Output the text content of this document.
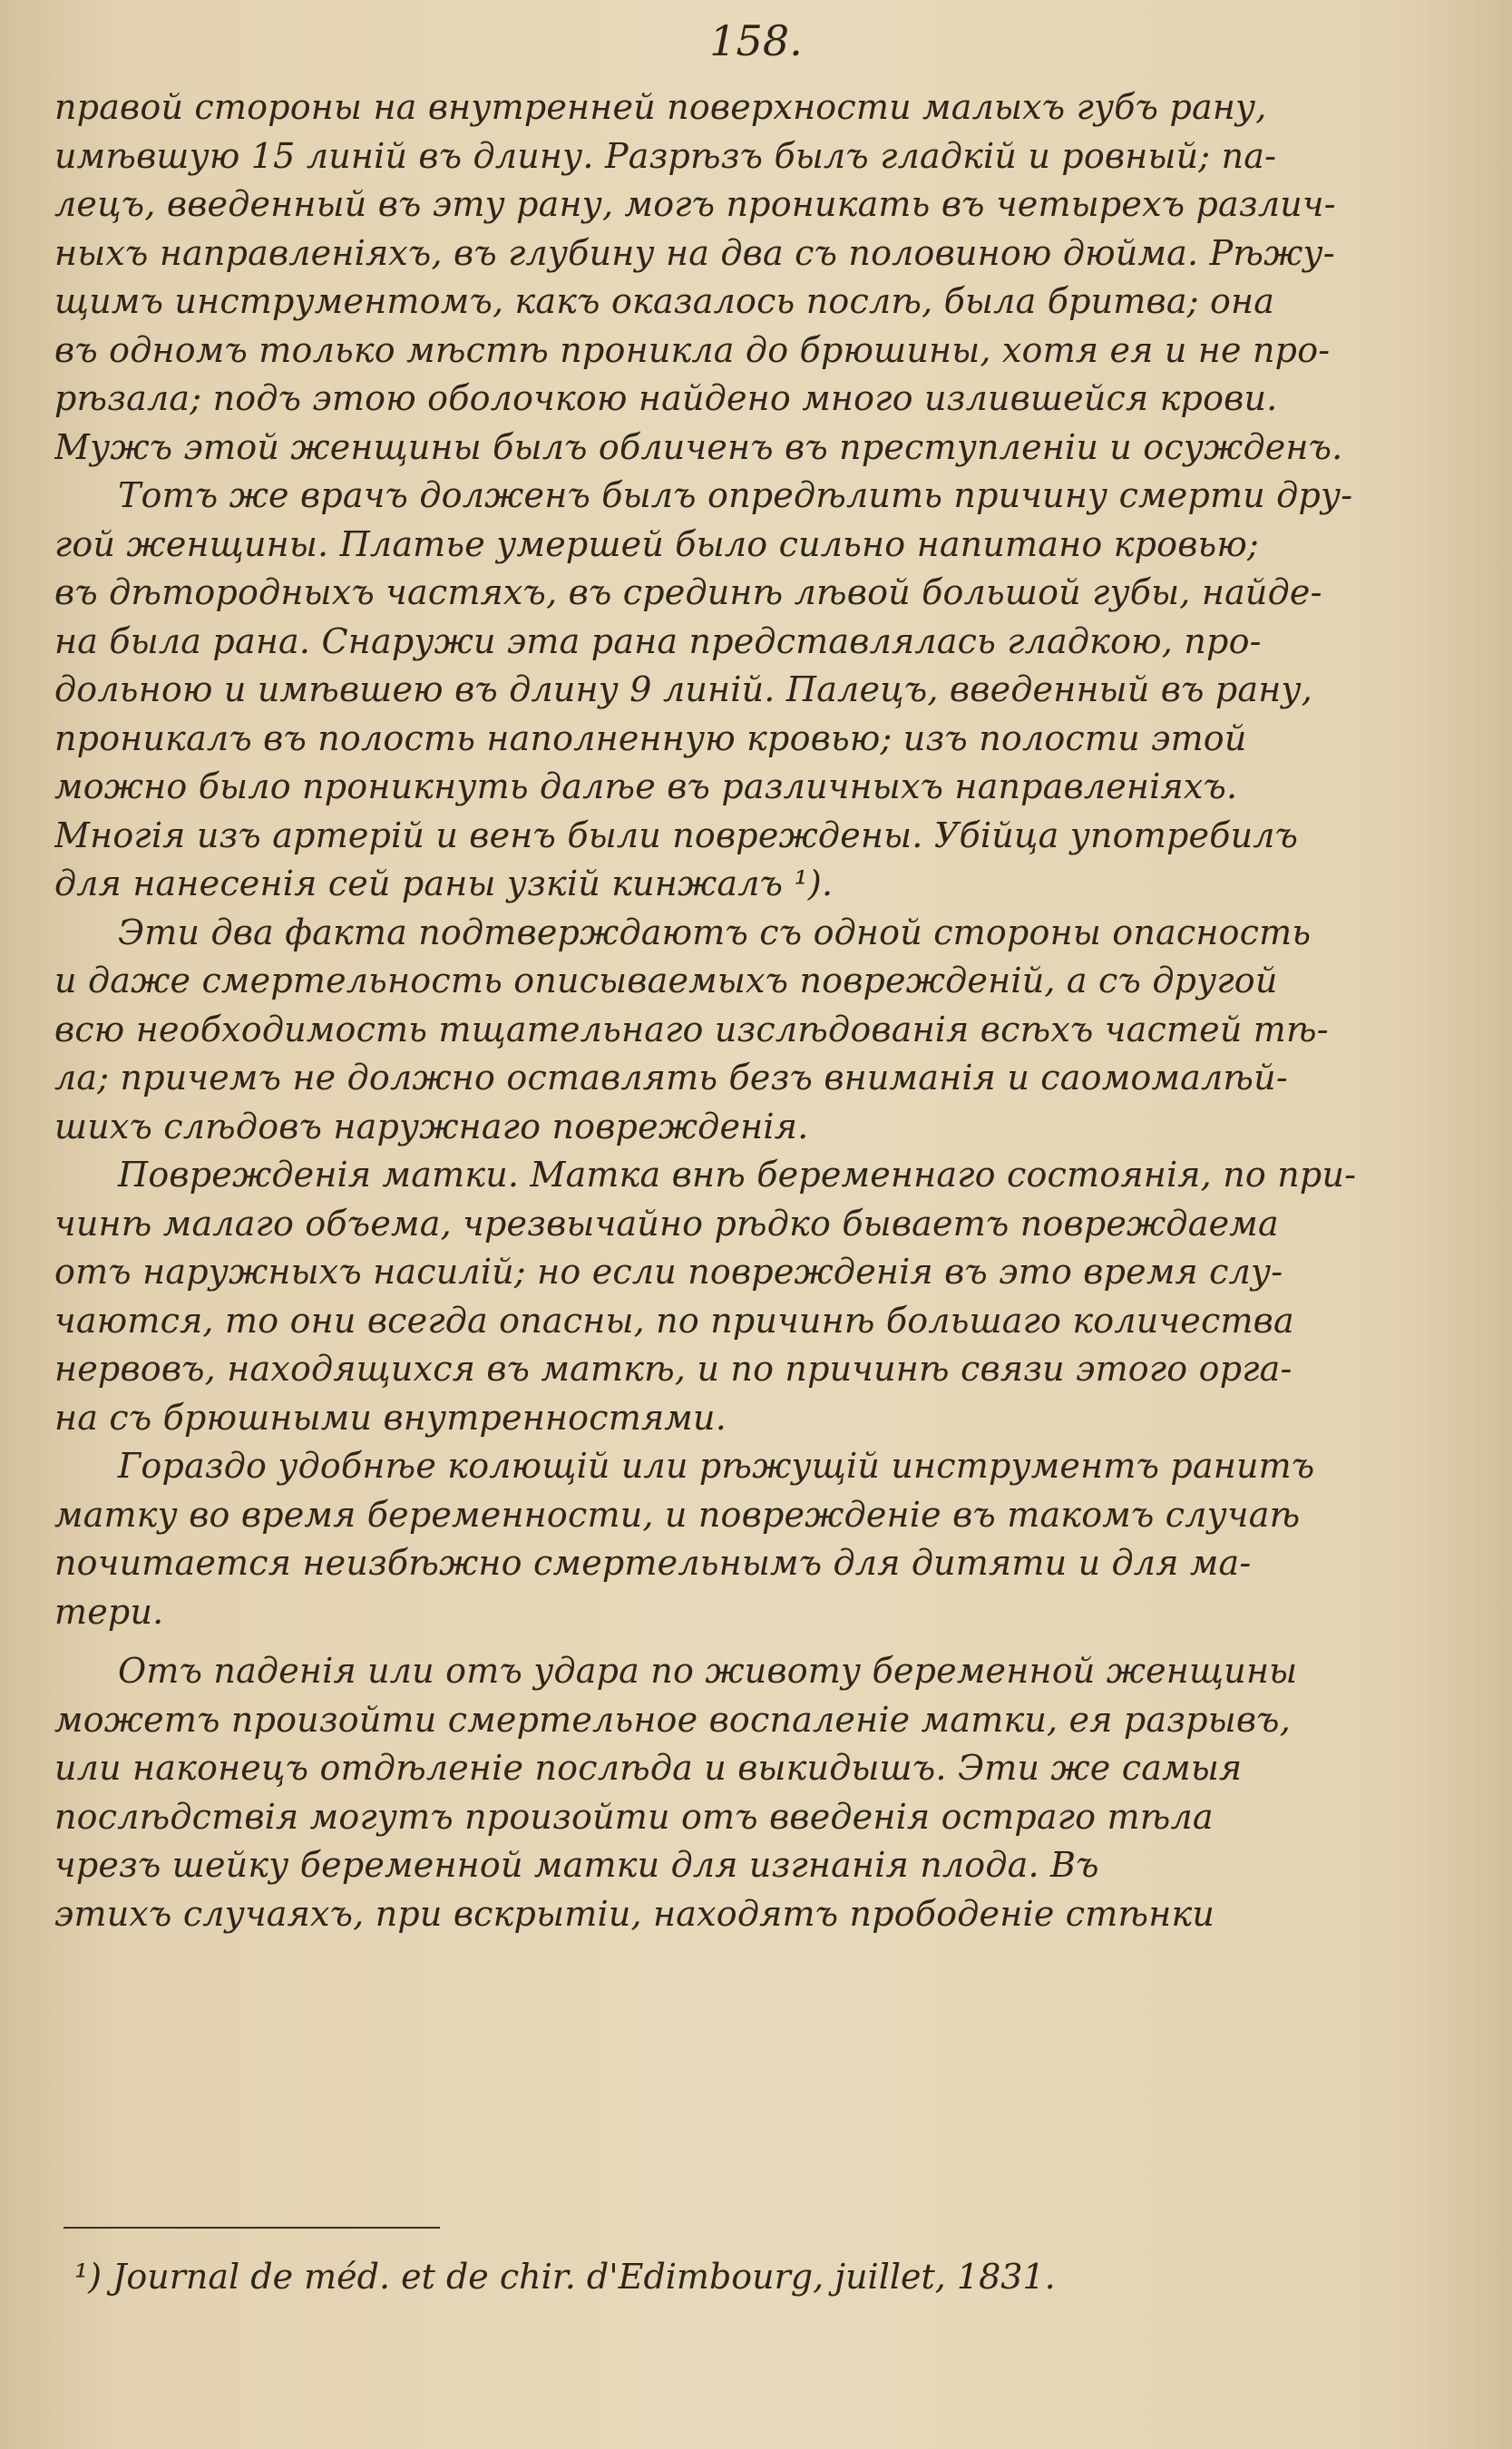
158.
правой стороны на внутренней поверхности малыхъ губъ рану,
имѣвшую 15 линій въ длину. Разрѣзъ былъ гладкій и ровный; па-
лецъ, введенный въ эту рану, могъ проникать въ четырехъ различ-
ныхъ направленіяхъ, въ глубину на два съ половиною дюйма. Рѣжу-
щимъ инструментомъ, какъ оказалось послѣ, была бритва; она
въ одномъ только мѣстѣ проникла до брюшины, хотя ея и не про-
рѣзала; подъ этою оболочкою найдено много излившейся крови.
Мужъ этой женщины былъ обличенъ въ преступленіи и осужденъ.
Тотъ же врачъ долженъ былъ опредѣлить причину смерти дру-
гой женщины. Платье умершей было сильно напитано кровью;
въ дѣтородныхъ частяхъ, въ срединѣ лѣвой большой губы, найде-
на была рана. Снаружи эта рана представлялась гладкою, про-
дольною и имѣвшею въ длину 9 линій. Палецъ, введенный въ рану,
проникалъ въ полость наполненную кровью; изъ полости этой
можно было проникнуть далѣе въ различныхъ направленіяхъ.
Многія изъ артерій и венъ были повреждены. Убійца употребилъ
для нанесенія сей раны узкій кинжалъ ¹).
Эти два факта подтверждаютъ съ одной стороны опасность
и даже смертельность описываемыхъ поврежденій, а съ другой
всю необходимость тщательнаго изслѣдованія всѣхъ частей тѣ-
ла; причемъ не должно оставлять безъ вниманія и саомомалѣй-
шихъ слѣдовъ наружнаго поврежденія.
Поврежденія матки. Матка внѣ беременнаго состоянія, по при-
чинѣ малаго объема, чрезвычайно рѣдко бываетъ повреждаема
отъ наружныхъ насилій; но если поврежденія въ это время слу-
чаются, то они всегда опасны, по причинѣ большаго количества
нервовъ, находящихся въ маткѣ, и по причинѣ связи этого орга-
на съ брюшными внутренностями.
Гораздо удобнѣе колющій или рѣжущій инструментъ ранитъ
матку во время беременности, и поврежденіе въ такомъ случаѣ
почитается неизбѣжно смертельнымъ для дитяти и для ма-
тери.
Отъ паденія или отъ удара по животу беременной женщины
можетъ произойти смертельное воспаленіе матки, ея разрывъ,
или наконецъ отдѣленіе послѣда и выкидышъ. Эти же самыя
послѣдствія могутъ произойти отъ введенія остраго тѣла
чрезъ шейку беременной матки для изгнанія плода. Въ
этихъ случаяхъ, при вскрытіи, находятъ прободеніе стѣнки
¹) Journal de méd. et de chir. d'Edimbourg, juillet, 1831.
